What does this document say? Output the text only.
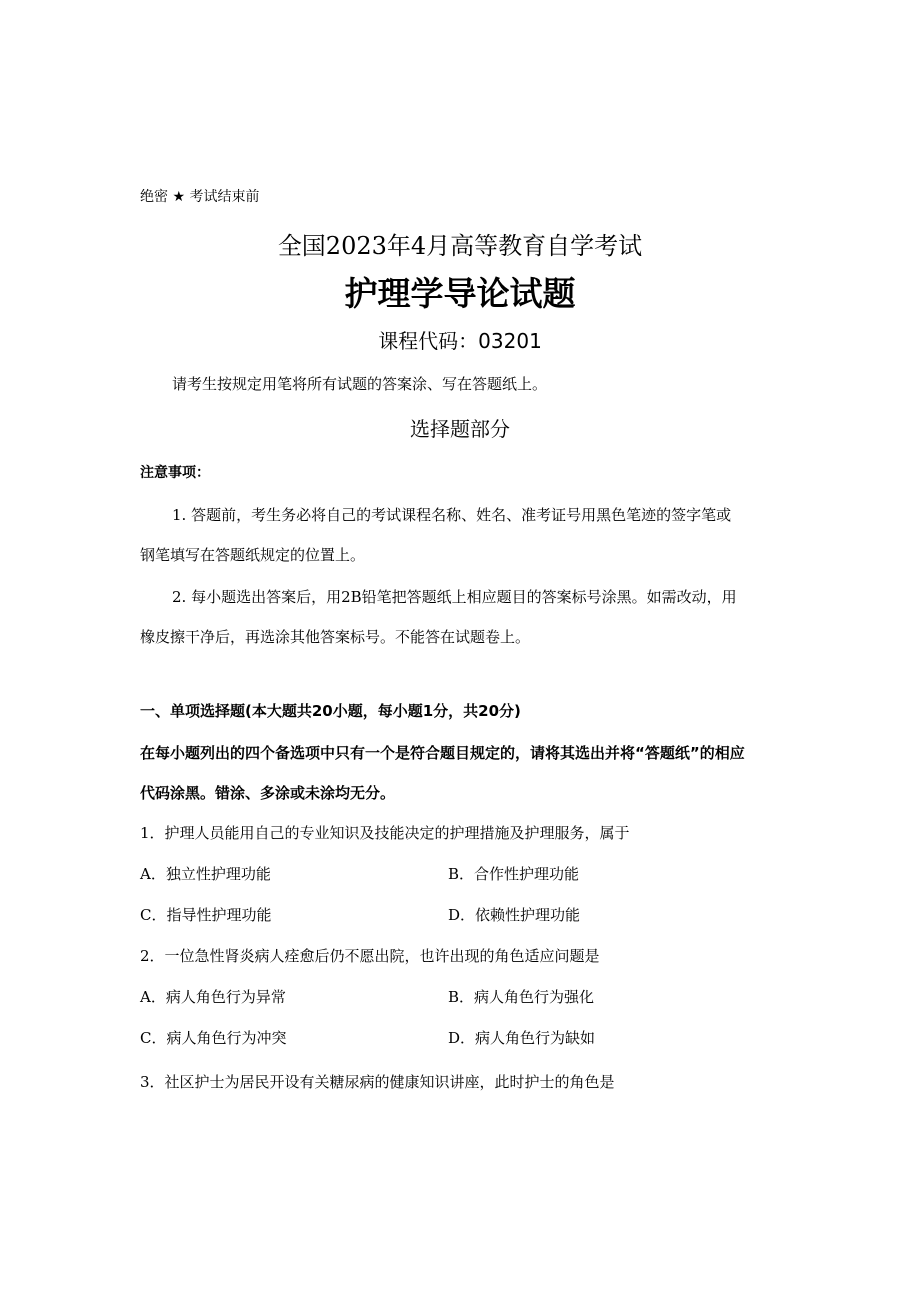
绝密 ★ 考试结束前

全国2023年4月高等教育自学考试

护理学导论试题

课程代码：03201

请考生按规定用笔将所有试题的答案涂、写在答题纸上。

选择题部分

注意事项：

1. 答题前，考生务必将自己的考试课程名称、姓名、准考证号用黑色笔迹的签字笔或

钢笔填写在答题纸规定的位置上。

2. 每小题选出答案后，用2B铅笔把答题纸上相应题目的答案标号涂黑。如需改动，用

橡皮擦干净后，再选涂其他答案标号。不能答在试题卷上。

一、单项选择题(本大题共20小题，每小题1分，共20分)

在每小题列出的四个备选项中只有一个是符合题目规定的，请将其选出并将“答题纸”的相应

代码涂黑。错涂、多涂或未涂均无分。

1．护理人员能用自己的专业知识及技能决定的护理措施及护理服务，属于

A．独立性护理功能	B．合作性护理功能

C．指导性护理功能	D．依赖性护理功能

2．一位急性肾炎病人痊愈后仍不愿出院，也许出现的角色适应问题是

A．病人角色行为异常	B．病人角色行为强化

C．病人角色行为冲突	D．病人角色行为缺如

3．社区护士为居民开设有关糖尿病的健康知识讲座，此时护士的角色是
